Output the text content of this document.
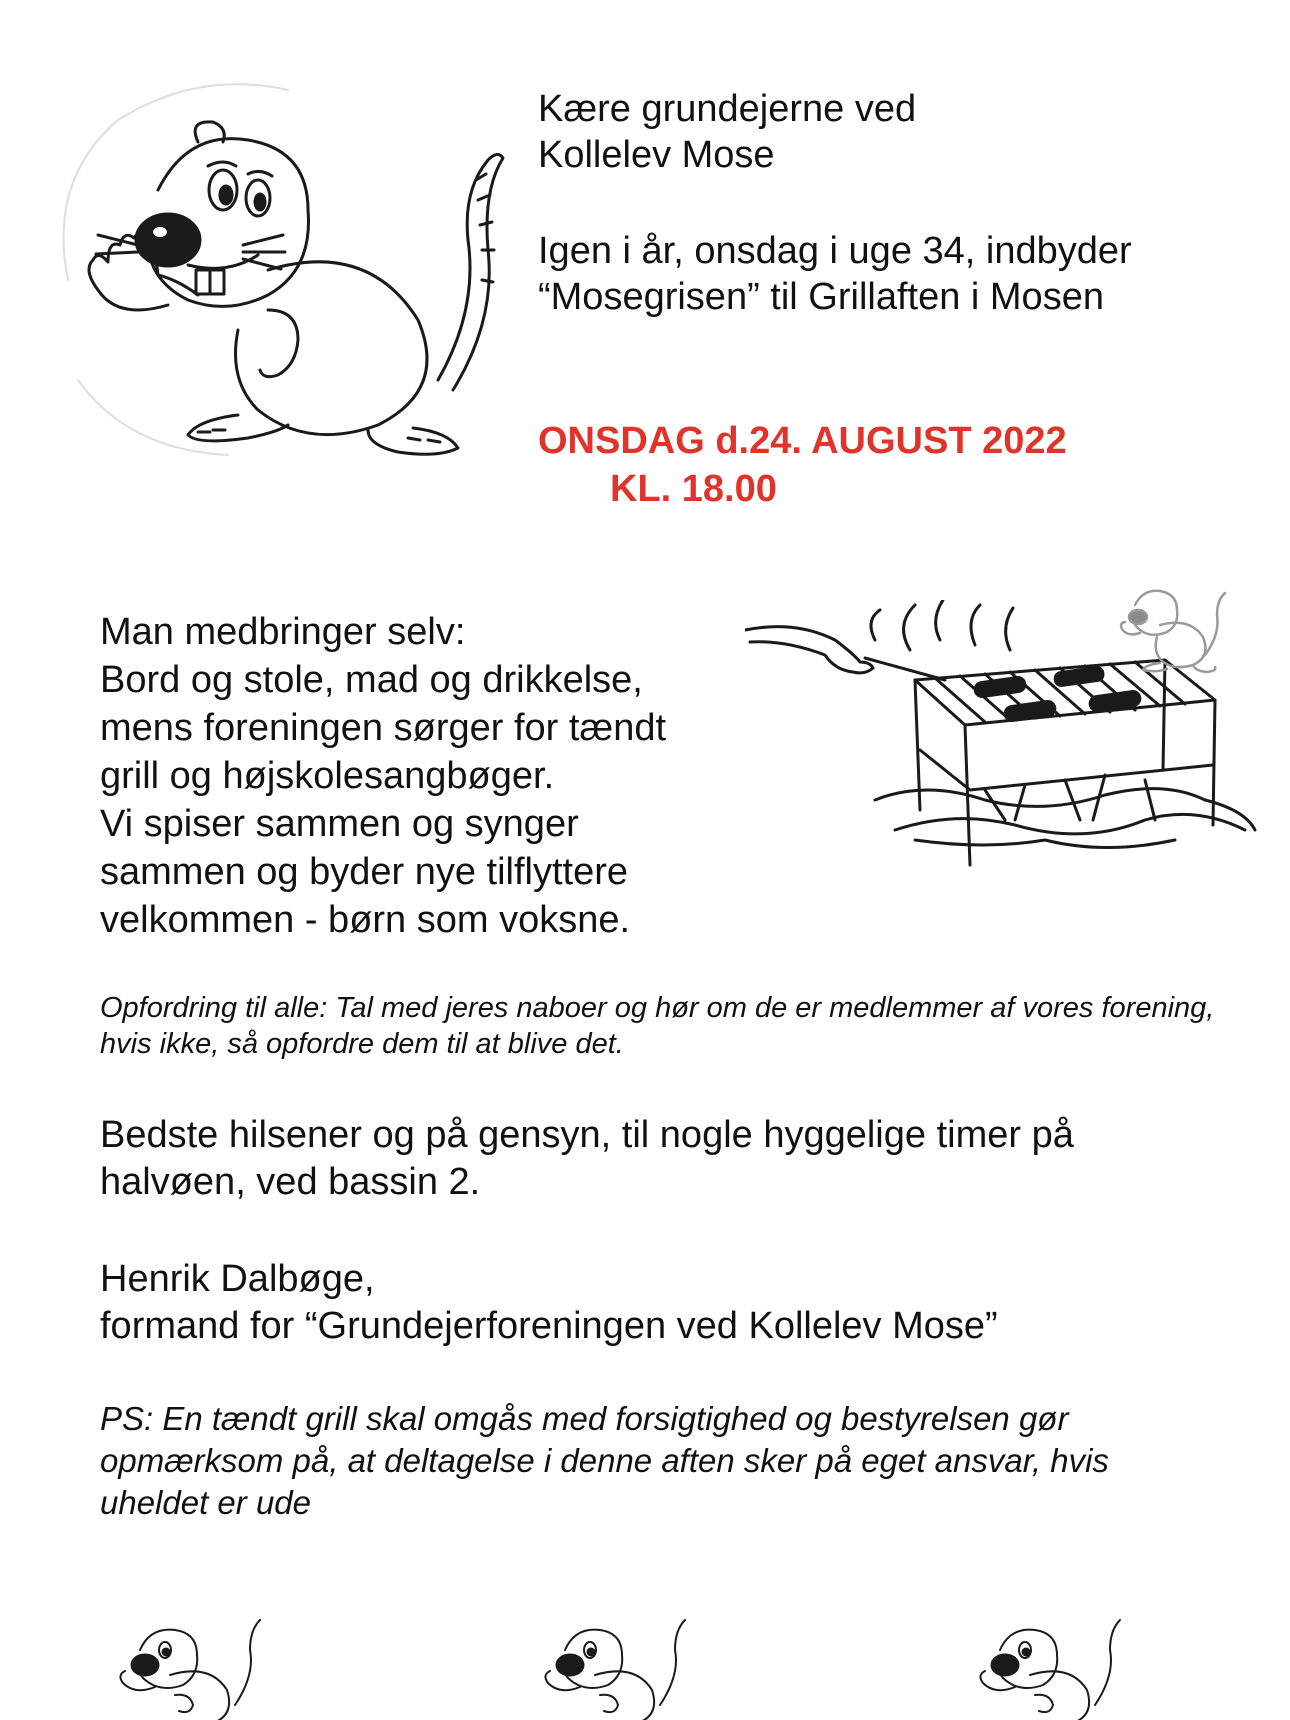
Kære grundejerne ved
Kollelev Mose

Igen i år, onsdag i uge 34, indbyder
“Mosegrisen” til Grillaften i Mosen

ONSDAG d.24. AUGUST 2022

KL. 18.00

Man medbringer selv:
Bord og stole, mad og drikkelse,
mens foreningen sørger for tændt
grill og højskolesangbøger.
Vi spiser sammen og synger
sammen og byder nye tilflyttere
velkommen - børn som voksne.

Opfordring til alle: Tal med jeres naboer og hør om de er medlemmer af vores forening, hvis ikke, så opfordre dem til at blive det.

Bedste hilsener og på gensyn, til nogle hyggelige timer på halvøen, ved bassin 2.

Henrik Dalbøge,
formand for “Grundejerforeningen ved Kollelev Mose”

PS: En tændt grill skal omgås med forsigtighed og bestyrelsen gør opmærksom på, at deltagelse i denne aften sker på eget ansvar, hvis uheldet er ude
